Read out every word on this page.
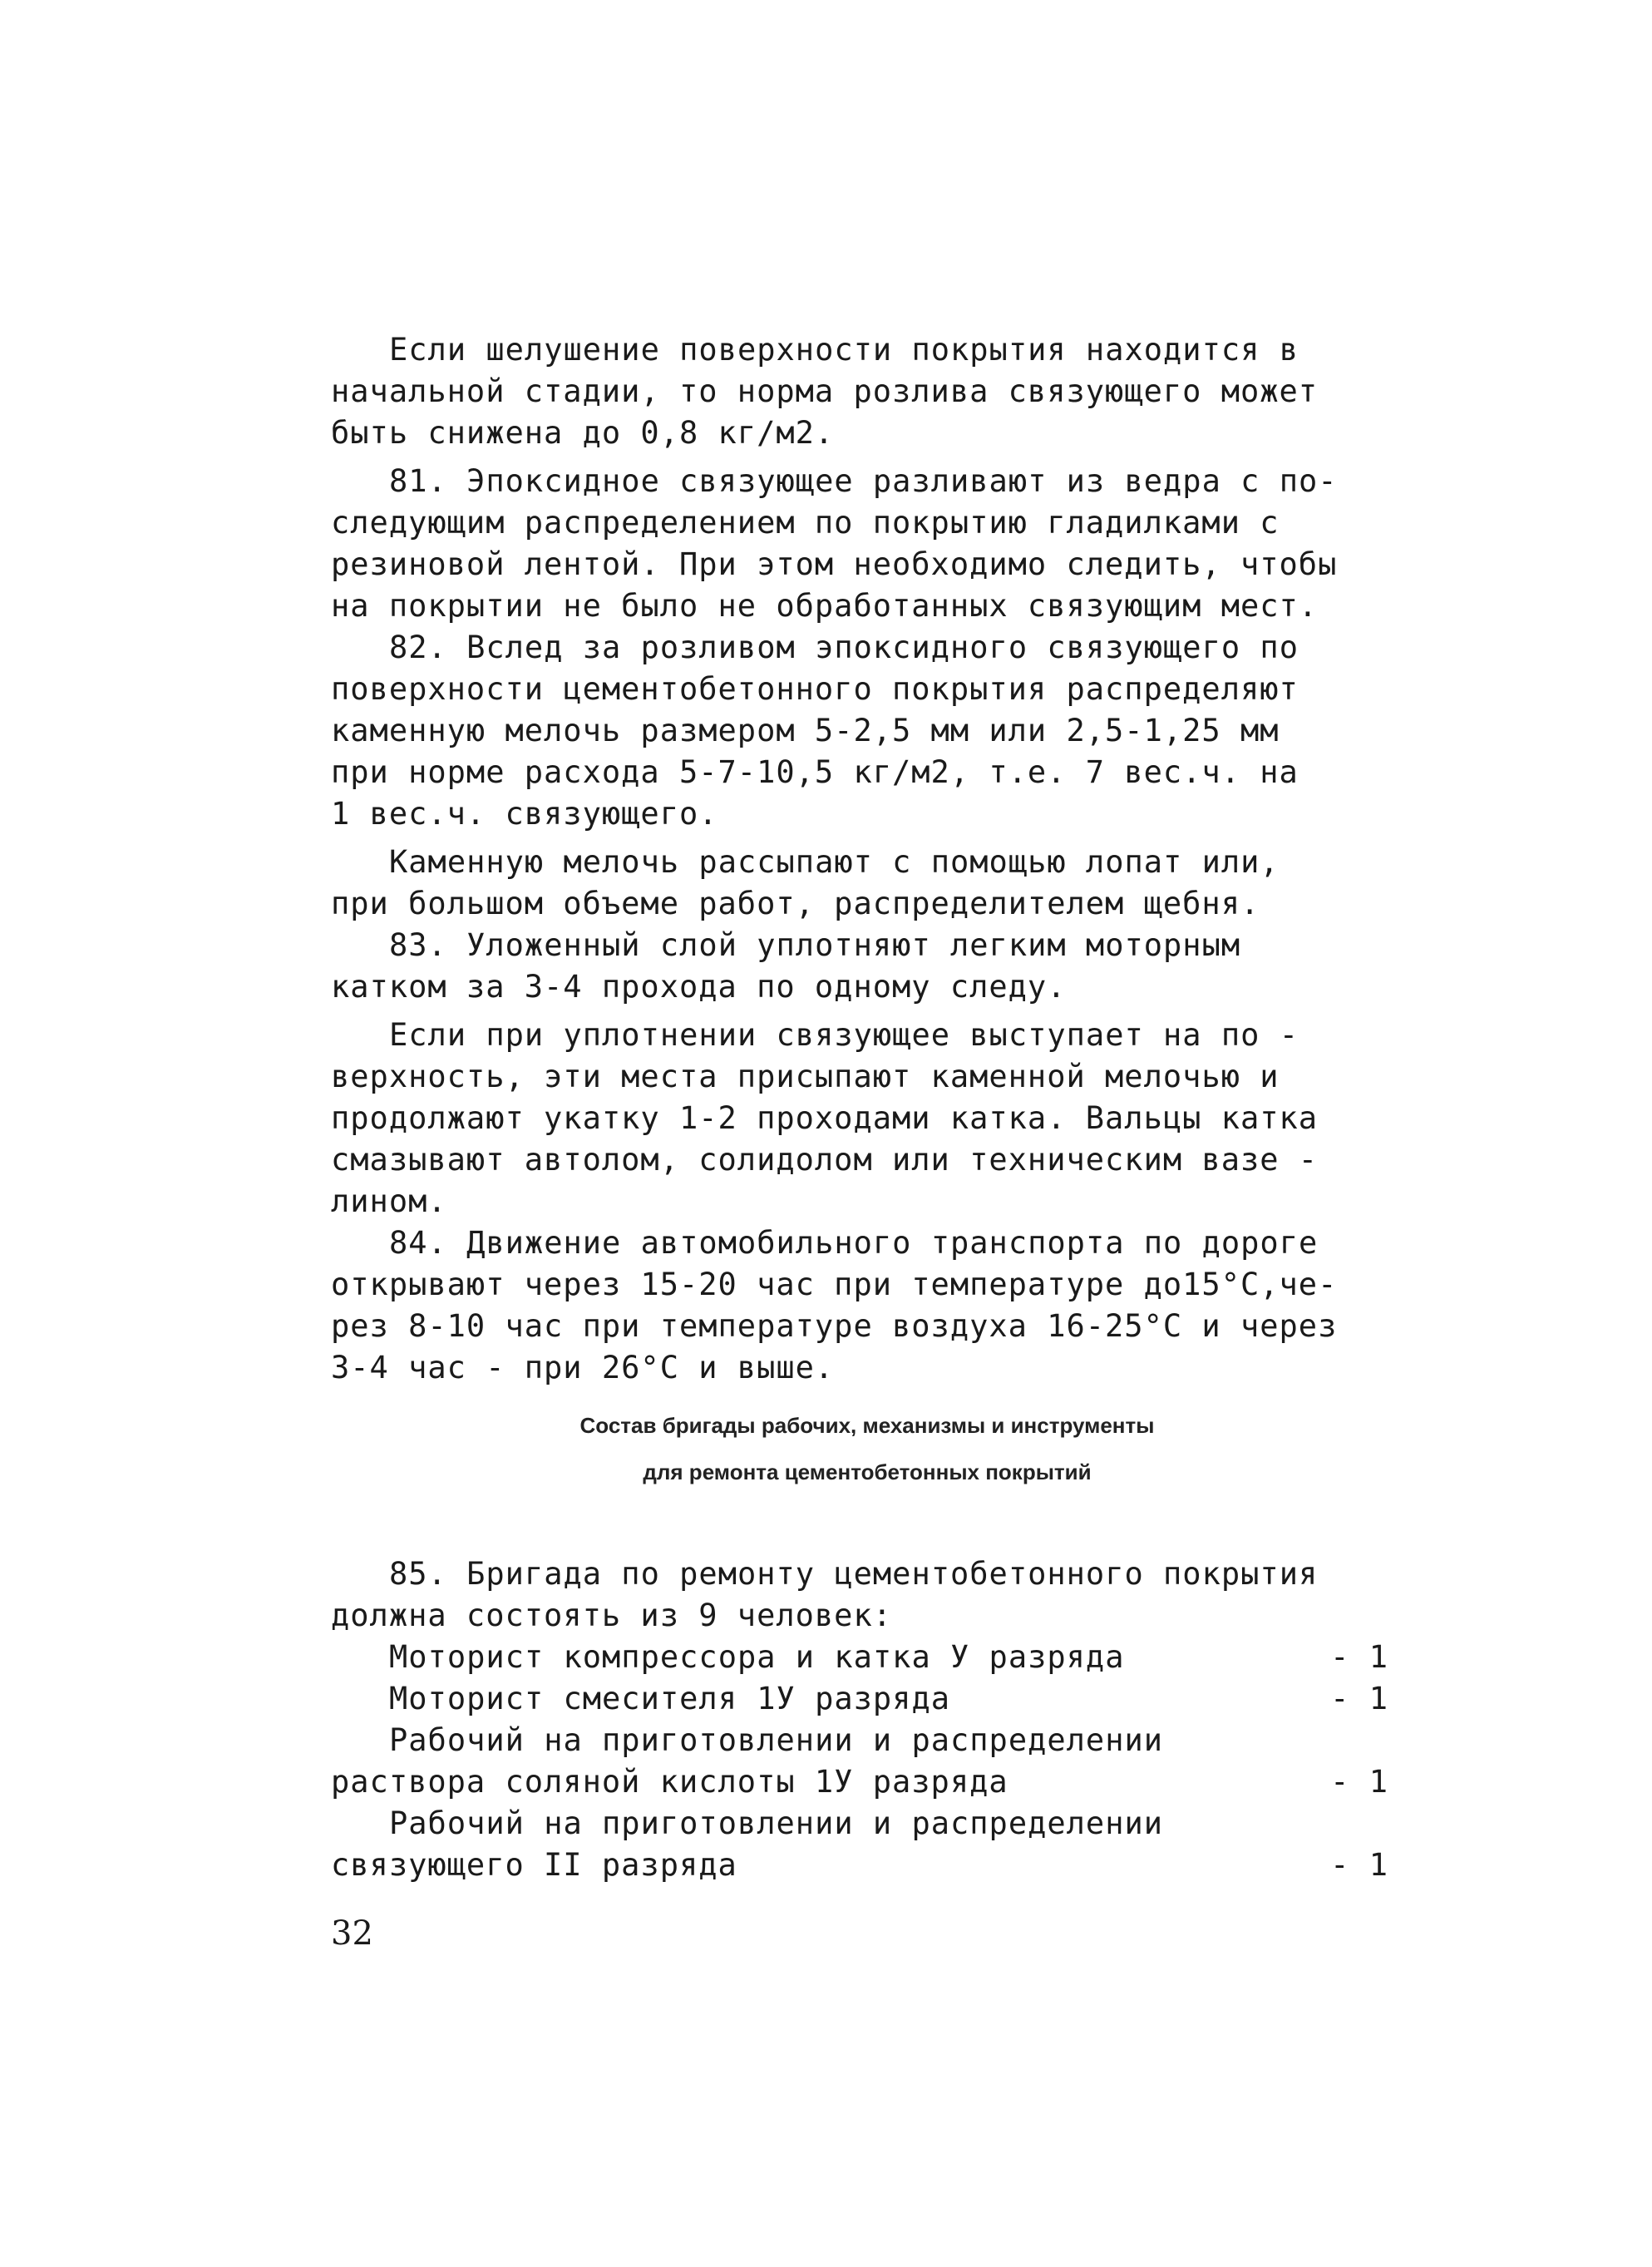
Если шелушение поверхности покрытия находится в
начальной стадии, то норма розлива связующего может
быть снижена до 0,8 кг/м2.
81. Эпоксидное связующее разливают из ведра с по-
следующим распределением по покрытию гладилками с
резиновой лентой. При этом необходимо следить, чтобы
на покрытии не было не обработанных связующим мест.
82. Вслед за розливом эпоксидного связующего по
поверхности цементобетонного покрытия распределяют
каменную мелочь размером 5-2,5 мм или 2,5-1,25 мм
при норме расхода 5-7-10,5 кг/м2, т.е. 7 вес.ч. на
1 вес.ч. связующего.
Каменную мелочь рассыпают с помощью лопат или,
при большом объеме работ, распределителем щебня.
83. Уложенный слой уплотняют легким моторным
катком за 3-4 прохода по одному следу.
Если при уплотнении связующее выступает на по -
верхность, эти места присыпают каменной мелочью и
продолжают укатку 1-2 проходами катка. Вальцы катка
смазывают автолом, солидолом или техническим вазе -
лином.
84. Движение автомобильного транспорта по дороге
открывают через 15-20 час при температуре до15°С,че-
рез 8-10 час при температуре воздуха 16-25°С и через
3-4 час - при 26°С и выше.
Состав бригады рабочих, механизмы и инструменты
для ремонта цементобетонных покрытий
85. Бригада по ремонту цементобетонного покрытия
должна состоять из 9 человек:
Моторист компрессора и катка У разряда	- 1
Моторист смесителя 1У разряда	- 1
Рабочий на приготовлении и распределении
раствора соляной кислоты 1У разряда	- 1
Рабочий на приготовлении и распределении
связующего II разряда	- 1
32
